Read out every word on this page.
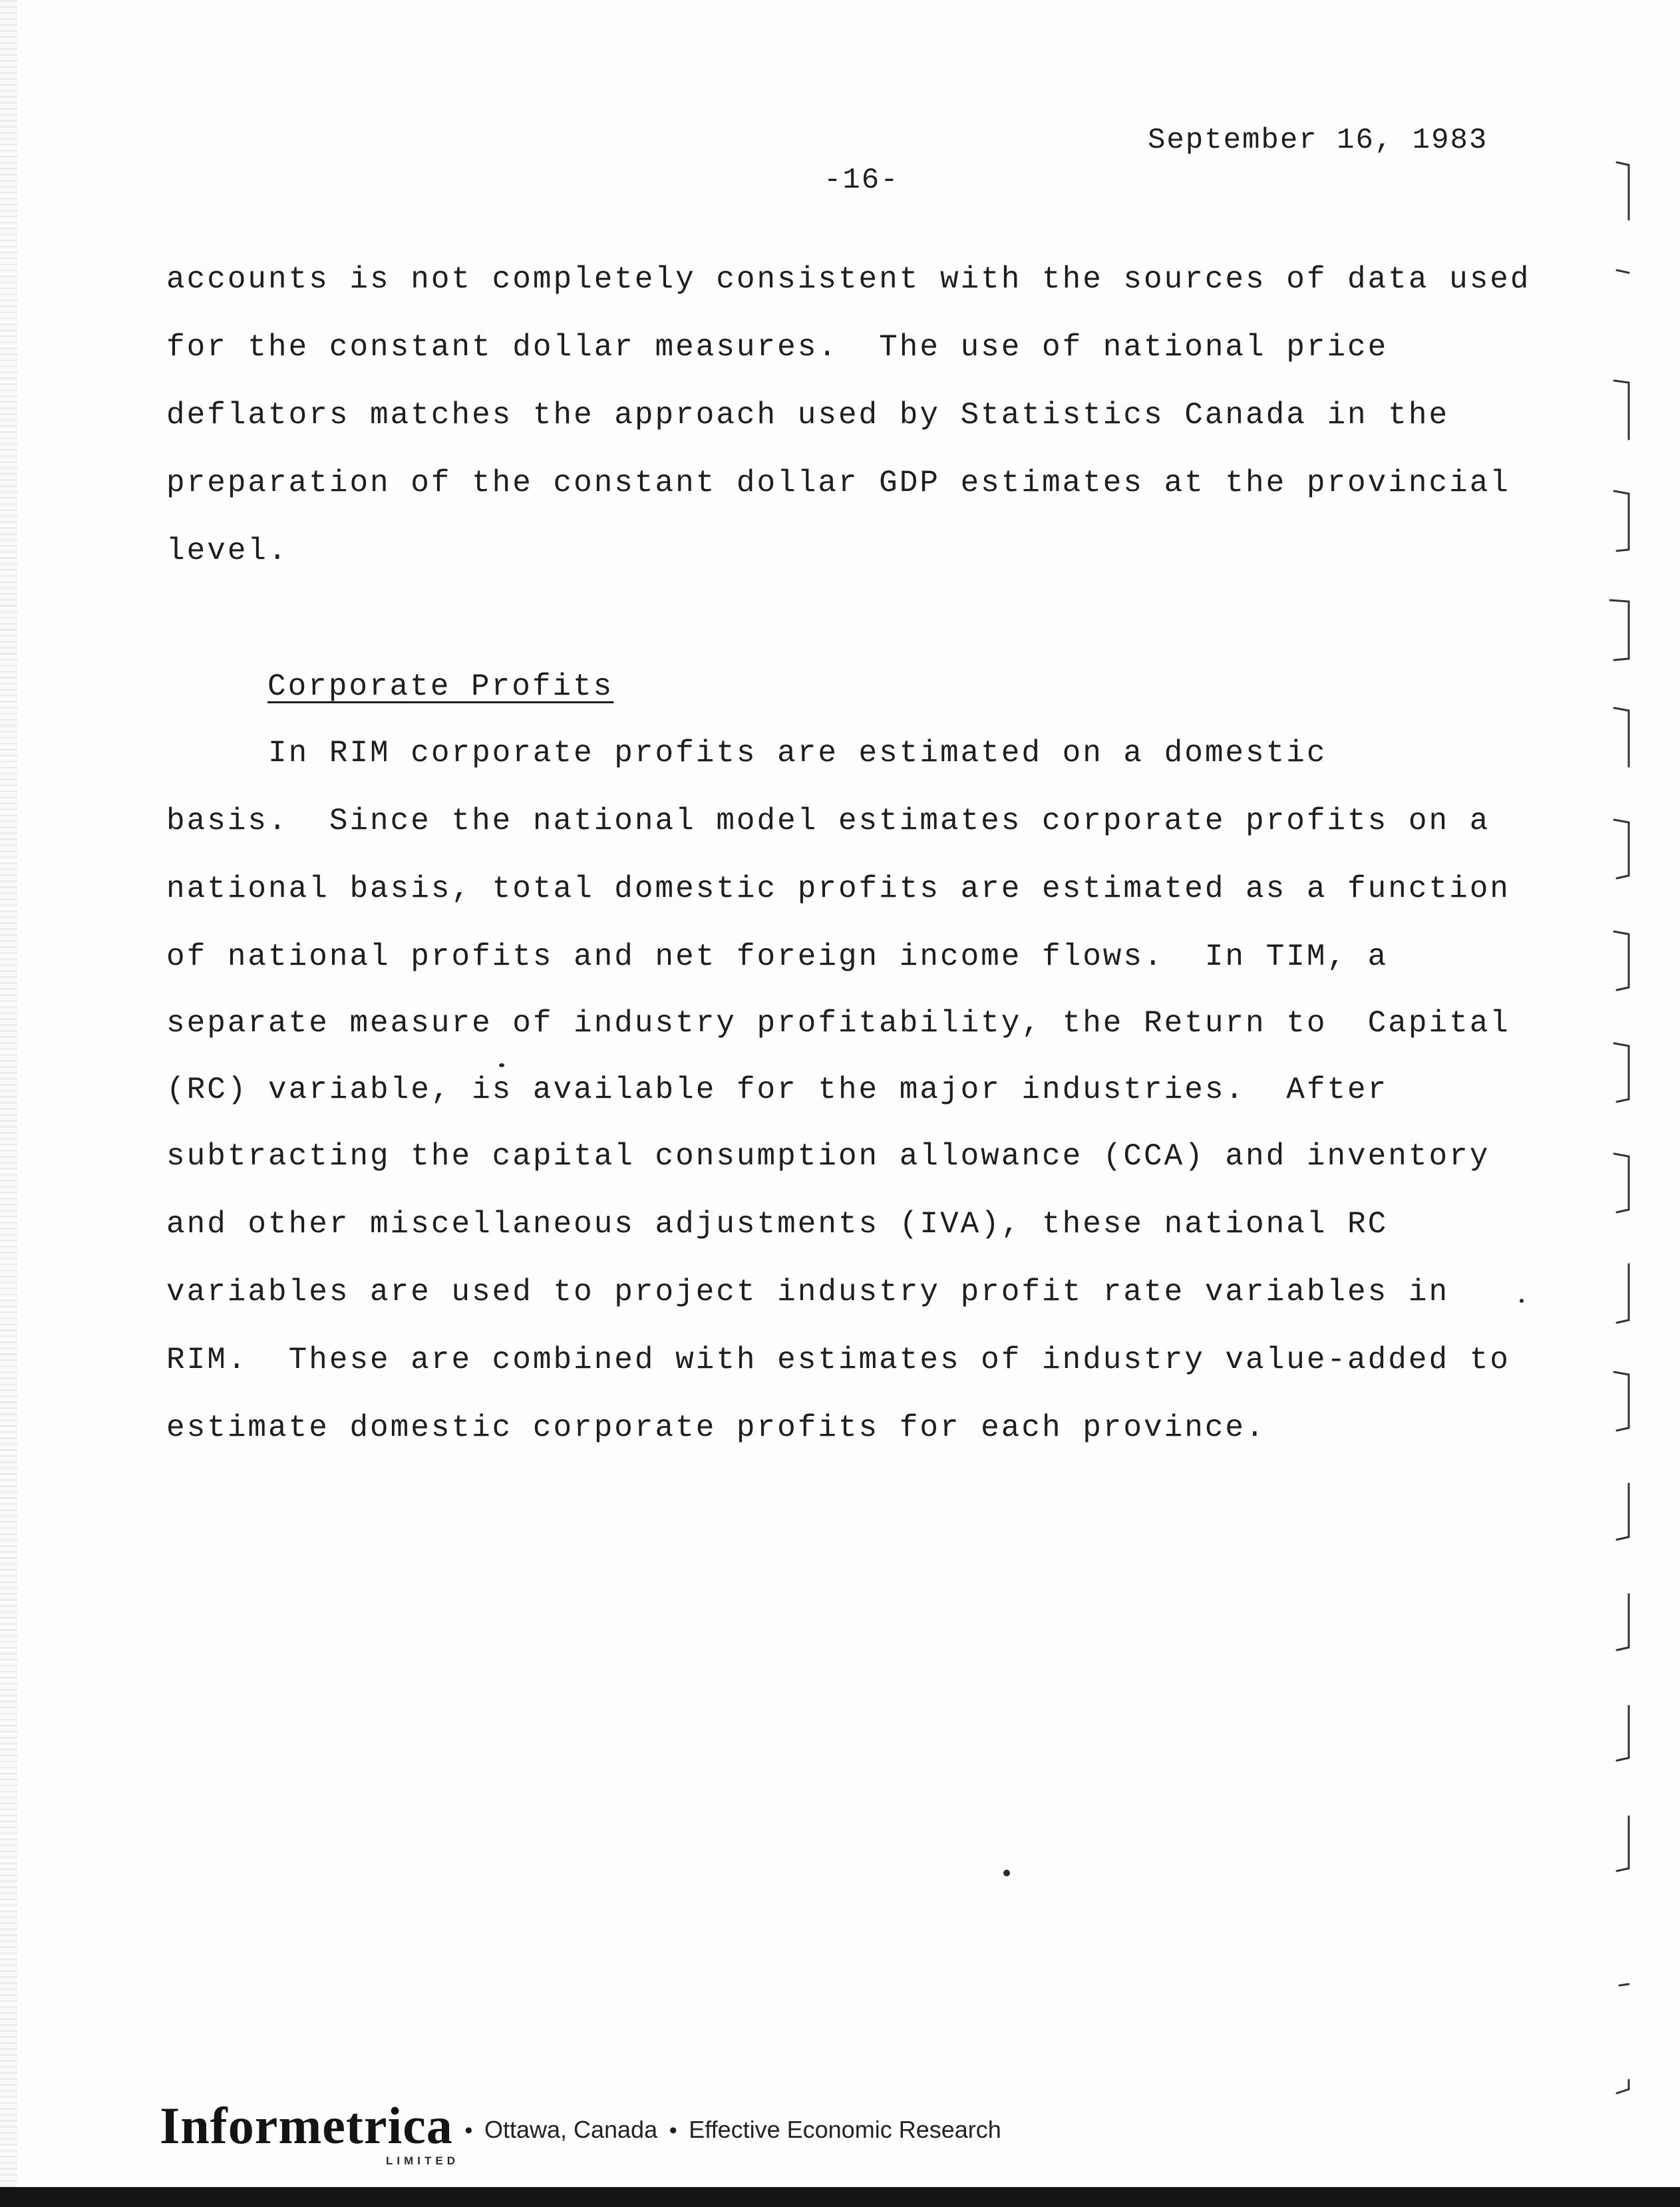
September 16, 1983
-16-
accounts is not completely consistent with the sources of data used
for the constant dollar measures.  The use of national price
deflators matches the approach used by Statistics Canada in the
preparation of the constant dollar GDP estimates at the provincial
level.
Corporate Profits
In RIM corporate profits are estimated on a domestic
basis.  Since the national model estimates corporate profits on a
national basis, total domestic profits are estimated as a function
of national profits and net foreign income flows.  In TIM, a
separate measure of industry profitability, the Return to  Capital
(RC) variable, is available for the major industries.  After
subtracting the capital consumption allowance (CCA) and inventory
and other miscellaneous adjustments (IVA), these national RC
variables are used to project industry profit rate variables in
RIM.  These are combined with estimates of industry value-added to
estimate domestic corporate profits for each province.
Informetrica • Ottawa, Canada • Effective Economic Research
LIMITED
